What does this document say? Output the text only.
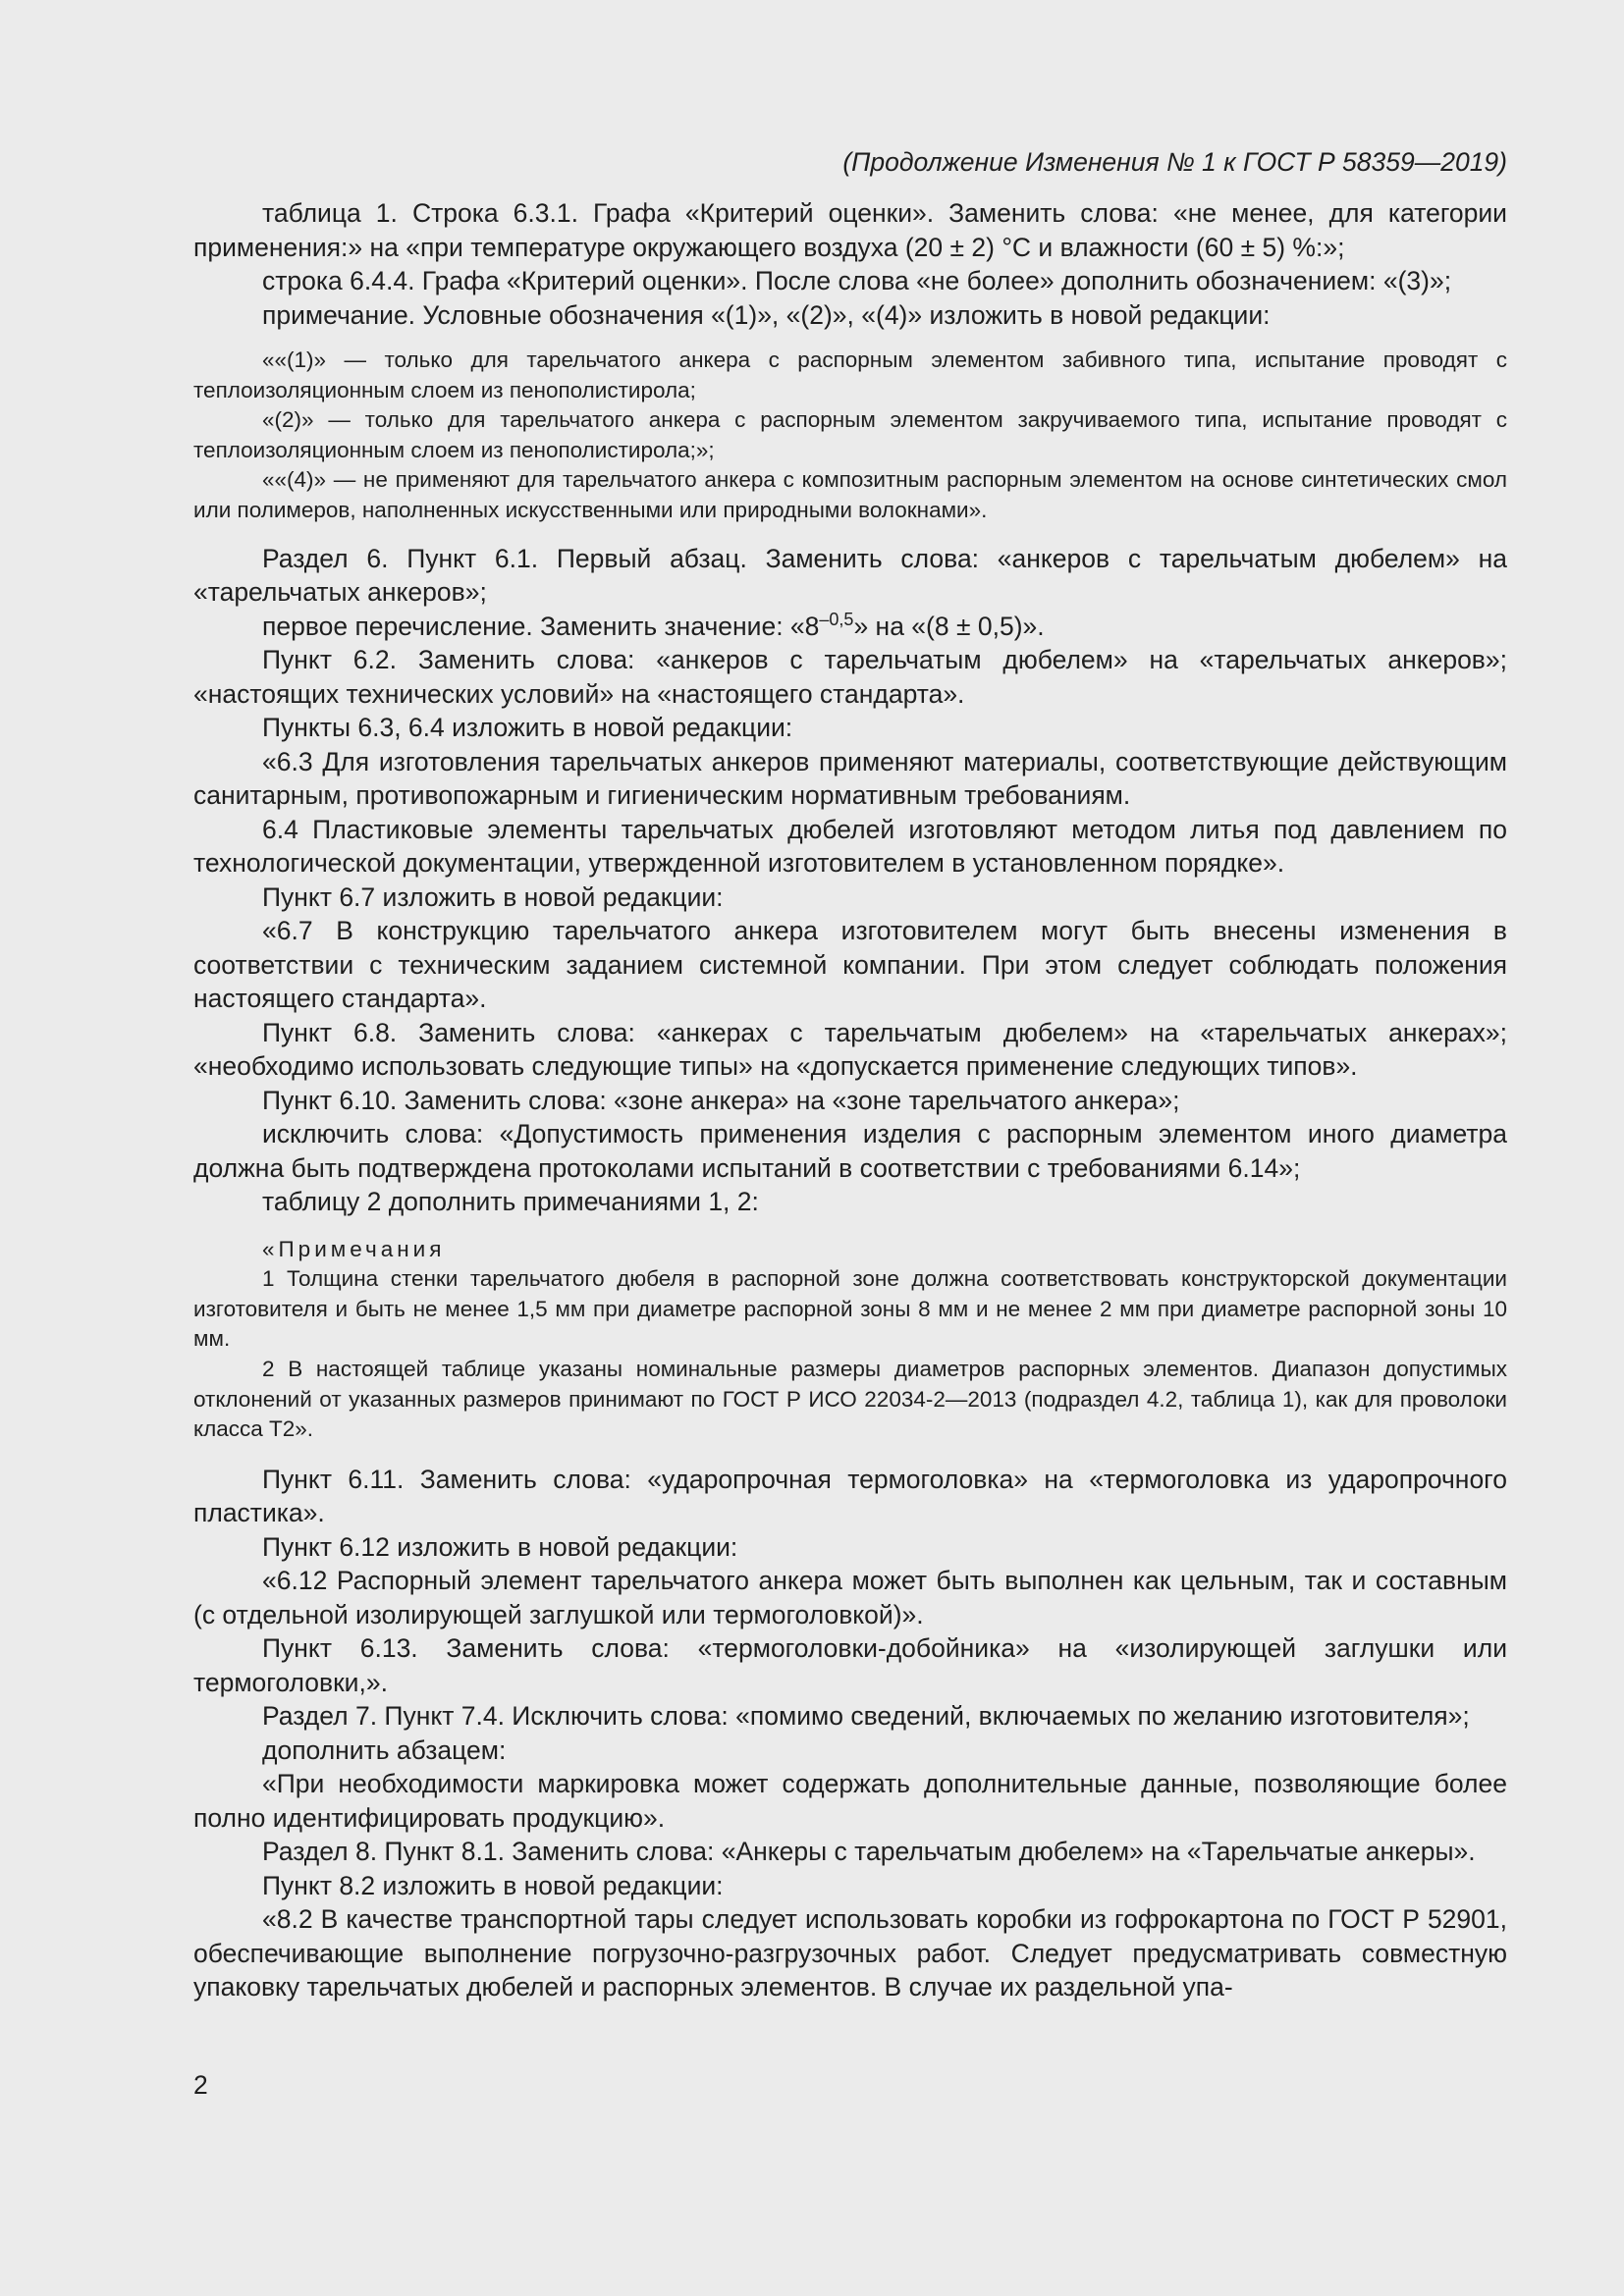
(Продолжение Изменения № 1 к ГОСТ Р 58359—2019)

таблица 1. Строка 6.3.1. Графа «Критерий оценки». Заменить слова: «не менее, для категории применения:» на «при температуре окружающего воздуха (20 ± 2) °С и влажности (60 ± 5) %:»;

строка 6.4.4. Графа «Критерий оценки». После слова «не более» дополнить обозначением: «(3)»;

примечание. Условные обозначения «(1)», «(2)», «(4)» изложить в новой редакции:

««(1)» — только для тарельчатого анкера с распорным элементом забивного типа, испытание проводят с теплоизоляционным слоем из пенополистирола;

«(2)» — только для тарельчатого анкера с распорным элементом закручиваемого типа, испытание проводят с теплоизоляционным слоем из пенополистирола;»;

««(4)» — не применяют для тарельчатого анкера с композитным распорным элементом на основе синтетических смол или полимеров, наполненных искусственными или природными волокнами».

Раздел 6. Пункт 6.1. Первый абзац. Заменить слова: «анкеров с тарельчатым дюбелем» на «тарельчатых анкеров»;

первое перечисление. Заменить значение: «$8^{-0,5}$» на «(8 ± 0,5)».

Пункт 6.2. Заменить слова: «анкеров с тарельчатым дюбелем» на «тарельчатых анкеров»; «настоящих технических условий» на «настоящего стандарта».

Пункты 6.3, 6.4 изложить в новой редакции:

«6.3 Для изготовления тарельчатых анкеров применяют материалы, соответствующие действующим санитарным, противопожарным и гигиеническим нормативным требованиям.

6.4 Пластиковые элементы тарельчатых дюбелей изготовляют методом литья под давлением по технологической документации, утвержденной изготовителем в установленном порядке».

Пункт 6.7 изложить в новой редакции:

«6.7 В конструкцию тарельчатого анкера изготовителем могут быть внесены изменения в соответствии с техническим заданием системной компании. При этом следует соблюдать положения настоящего стандарта».

Пункт 6.8. Заменить слова: «анкерах с тарельчатым дюбелем» на «тарельчатых анкерах»; «необходимо использовать следующие типы» на «допускается применение следующих типов».

Пункт 6.10. Заменить слова: «зоне анкера» на «зоне тарельчатого анкера»;

исключить слова: «Допустимость применения изделия с распорным элементом иного диаметра должна быть подтверждена протоколами испытаний в соответствии с требованиями 6.14»;

таблицу 2 дополнить примечаниями 1, 2:

«Примечания

1 Толщина стенки тарельчатого дюбеля в распорной зоне должна соответствовать конструкторской документации изготовителя и быть не менее 1,5 мм при диаметре распорной зоны 8 мм и не менее 2 мм при диаметре распорной зоны 10 мм.

2 В настоящей таблице указаны номинальные размеры диаметров распорных элементов. Диапазон допустимых отклонений от указанных размеров принимают по ГОСТ Р ИСО 22034-2—2013 (подраздел 4.2, таблица 1), как для проволоки класса Т2».

Пункт 6.11. Заменить слова: «ударопрочная термоголовка» на «термоголовка из ударопрочного пластика».

Пункт 6.12 изложить в новой редакции:

«6.12 Распорный элемент тарельчатого анкера может быть выполнен как цельным, так и составным (с отдельной изолирующей заглушкой или термоголовкой)».

Пункт 6.13. Заменить слова: «термоголовки-добойника» на «изолирующей заглушки или термоголовки,».

Раздел 7. Пункт 7.4. Исключить слова: «помимо сведений, включаемых по желанию изготовителя»;

дополнить абзацем:

«При необходимости маркировка может содержать дополнительные данные, позволяющие более полно идентифицировать продукцию».

Раздел 8. Пункт 8.1. Заменить слова: «Анкеры с тарельчатым дюбелем» на «Тарельчатые анкеры».

Пункт 8.2 изложить в новой редакции:

«8.2 В качестве транспортной тары следует использовать коробки из гофрокартона по ГОСТ Р 52901, обеспечивающие выполнение погрузочно-разгрузочных работ. Следует предусматривать совместную упаковку тарельчатых дюбелей и распорных элементов. В случае их раздельной упа-

2
